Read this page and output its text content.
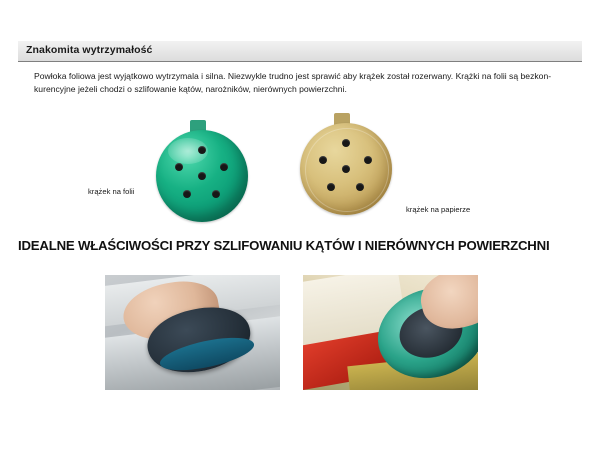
Znakomita wytrzymałość
Powłoka foliowa jest wyjątkowo wytrzymala i silna. Niezwykle trudno jest sprawić aby krążek został rozerwany. Krążki na folii są bezkon-
kurencyjne jeżeli chodzi o szlifowanie kątów, narożników, nierównych powierzchni.
krążek na folii
krążek na papierze
IDEALNE WŁAŚCIWOŚCI PRZY SZLIFOWANIU KĄTÓW I NIERÓWNYCH POWIERZCHNI
